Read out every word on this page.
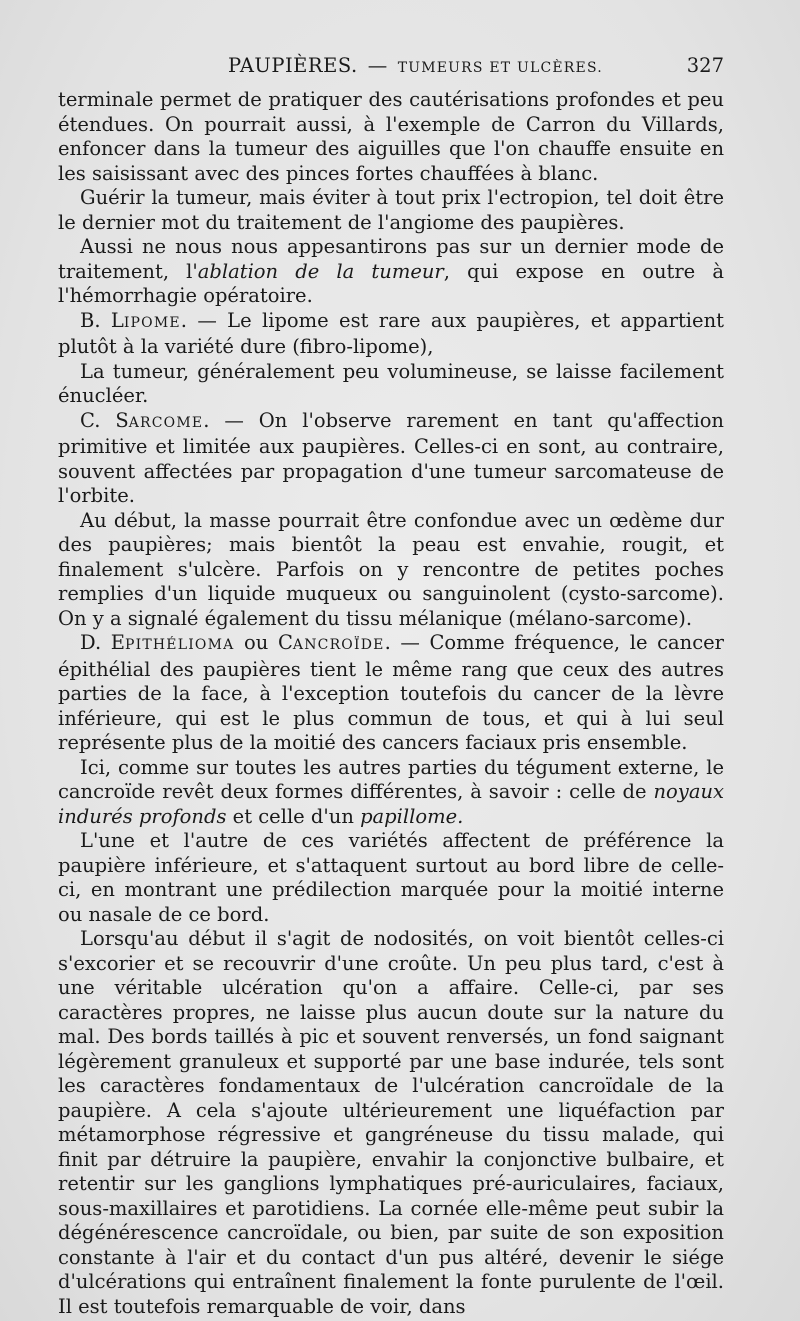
PAUPIÈRES. — TUMEURS ET ULCÈRES.	327

terminale permet de pratiquer des cautérisations profondes et peu étendues. On pourrait aussi, à l'exemple de Carron du Villards, enfoncer dans la tumeur des aiguilles que l'on chauffe ensuite en les saisissant avec des pinces fortes chauffées à blanc.

Guérir la tumeur, mais éviter à tout prix l'ectropion, tel doit être le dernier mot du traitement de l'angiome des paupières.

Aussi ne nous nous appesantirons pas sur un dernier mode de traitement, l'ablation de la tumeur, qui expose en outre à l'hémorrhagie opératoire.

B. LIPOME. — Le lipome est rare aux paupières, et appartient plutôt à la variété dure (fibro-lipome),

La tumeur, généralement peu volumineuse, se laisse facilement énucléer.

C. SARCOME. — On l'observe rarement en tant qu'affection primitive et limitée aux paupières. Celles-ci en sont, au contraire, souvent affectées par propagation d'une tumeur sarcomateuse de l'orbite.

Au début, la masse pourrait être confondue avec un œdème dur des paupières; mais bientôt la peau est envahie, rougit, et finalement s'ulcère. Parfois on y rencontre de petites poches remplies d'un liquide muqueux ou sanguinolent (cysto-sarcome). On y a signalé également du tissu mélanique (mélano-sarcome).

D. EPITHÉLIOMA ou CANCROÏDE. — Comme fréquence, le cancer épithélial des paupières tient le même rang que ceux des autres parties de la face, à l'exception toutefois du cancer de la lèvre inférieure, qui est le plus commun de tous, et qui à lui seul représente plus de la moitié des cancers faciaux pris ensemble.

Ici, comme sur toutes les autres parties du tégument externe, le cancroïde revêt deux formes différentes, à savoir : celle de noyaux indurés profonds et celle d'un papillome.

L'une et l'autre de ces variétés affectent de préférence la paupière inférieure, et s'attaquent surtout au bord libre de celle-ci, en montrant une prédilection marquée pour la moitié interne ou nasale de ce bord.

Lorsqu'au début il s'agit de nodosités, on voit bientôt celles-ci s'excorier et se recouvrir d'une croûte. Un peu plus tard, c'est à une véritable ulcération qu'on a affaire. Celle-ci, par ses caractères propres, ne laisse plus aucun doute sur la nature du mal. Des bords taillés à pic et souvent renversés, un fond saignant légèrement granuleux et supporté par une base indurée, tels sont les caractères fondamentaux de l'ulcération cancroïdale de la paupière. A cela s'ajoute ultérieurement une liquéfaction par métamorphose régressive et gangréneuse du tissu malade, qui finit par détruire la paupière, envahir la conjonctive bulbaire, et retentir sur les ganglions lymphatiques pré-auriculaires, faciaux, sous-maxillaires et parotidiens. La cornée elle-même peut subir la dégénérescence cancroïdale, ou bien, par suite de son exposition constante à l'air et du contact d'un pus altéré, devenir le siége d'ulcérations qui entraînent finalement la fonte purulente de l'œil. Il est toutefois remarquable de voir, dans
